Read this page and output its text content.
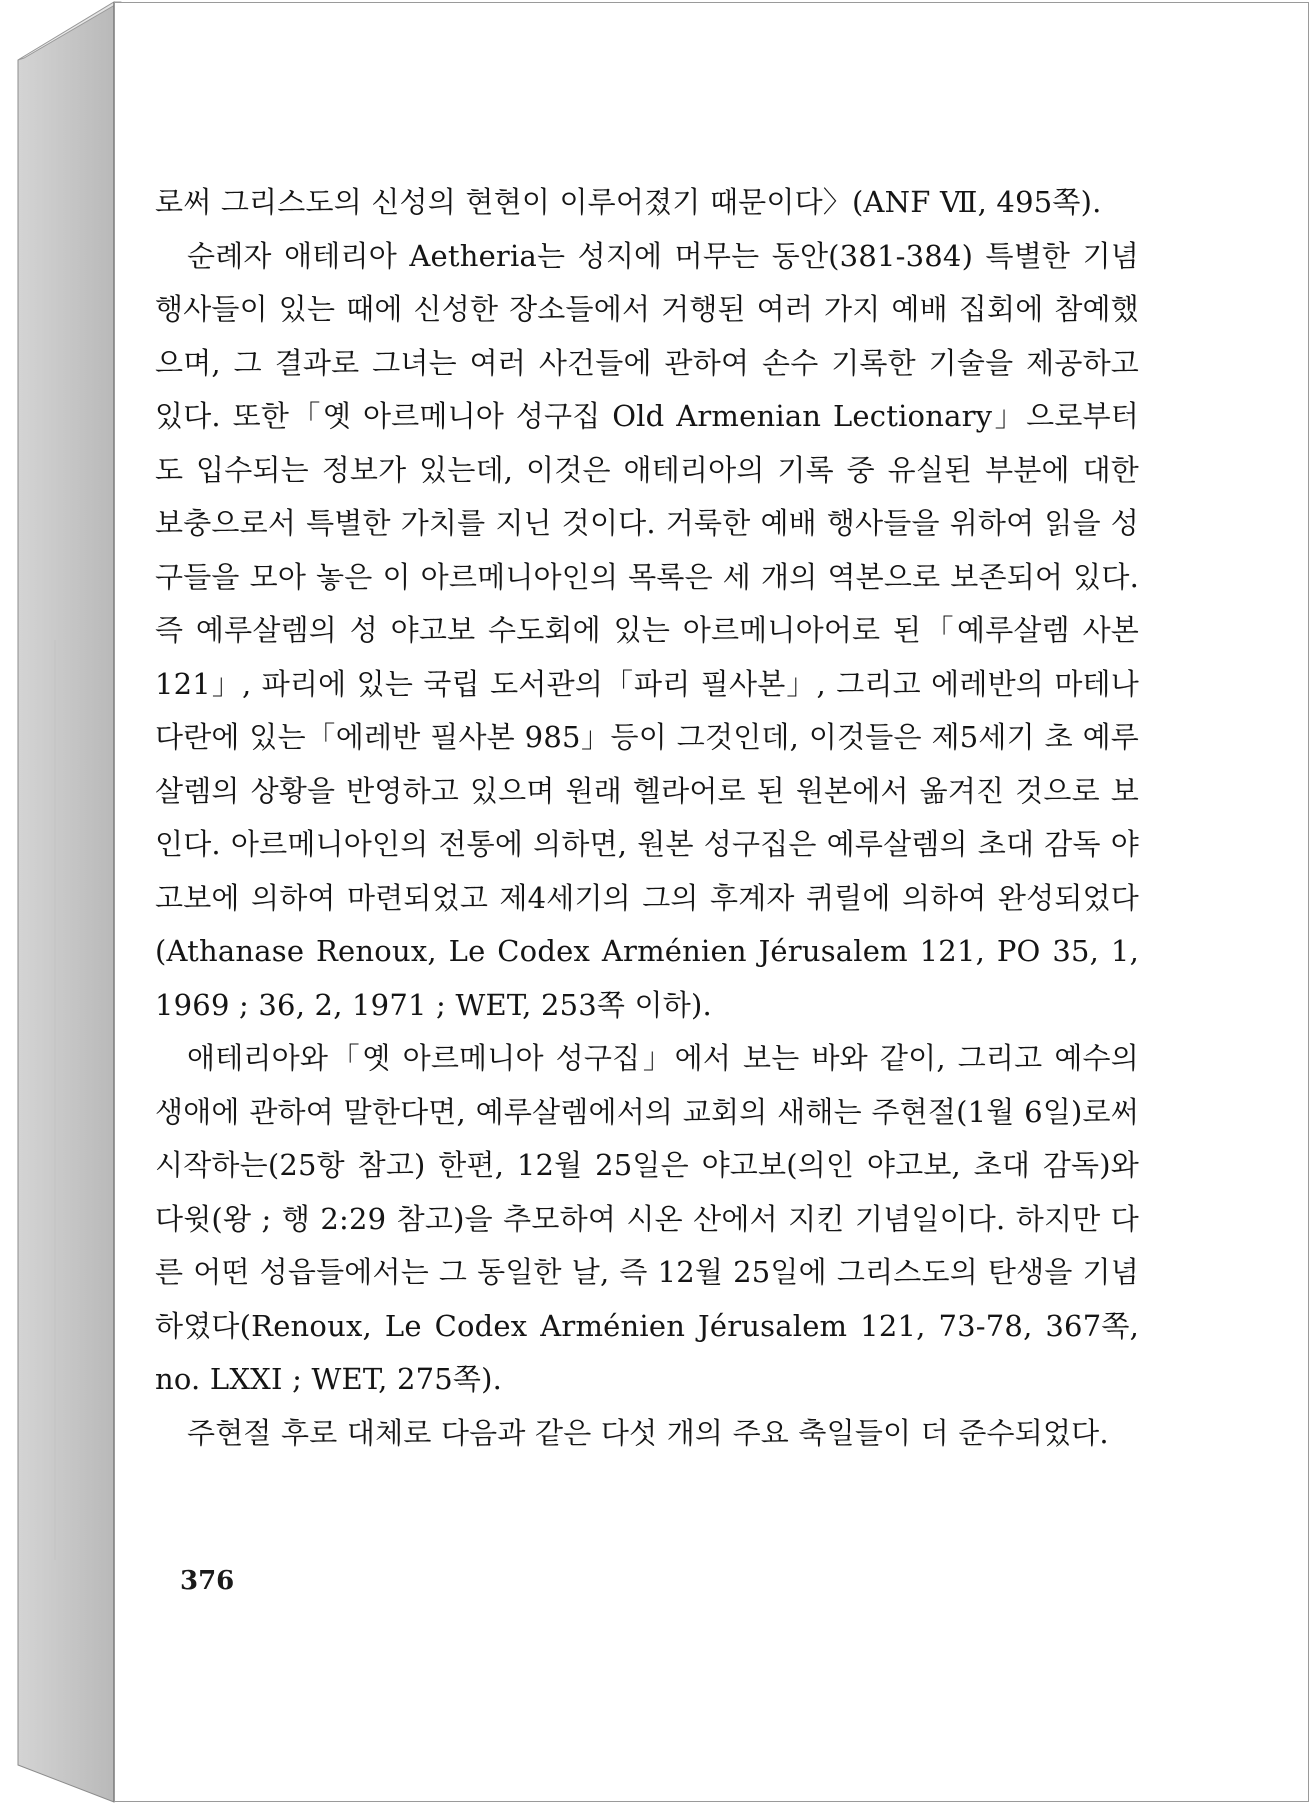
로써 그리스도의 신성의 현현이 이루어졌기 때문이다〉(ANF Ⅶ, 495쪽).

순례자 애테리아 Aetheria는 성지에 머무는 동안(381-384) 특별한 기념 행사들이 있는 때에 신성한 장소들에서 거행된 여러 가지 예배 집회에 참예했으며, 그 결과로 그녀는 여러 사건들에 관하여 손수 기록한 기술을 제공하고 있다. 또한「옛 아르메니아 성구집 Old Armenian Lectionary」으로부터도 입수되는 정보가 있는데, 이것은 애테리아의 기록 중 유실된 부분에 대한 보충으로서 특별한 가치를 지닌 것이다. 거룩한 예배 행사들을 위하여 읽을 성구들을 모아 놓은 이 아르메니아인의 목록은 세 개의 역본으로 보존되어 있다. 즉 예루살렘의 성 야고보 수도회에 있는 아르메니아어로 된「예루살렘 사본 121」, 파리에 있는 국립 도서관의「파리 필사본」, 그리고 에레반의 마테나다란에 있는「에레반 필사본 985」등이 그것인데, 이것들은 제5세기 초 예루살렘의 상황을 반영하고 있으며 원래 헬라어로 된 원본에서 옮겨진 것으로 보인다. 아르메니아인의 전통에 의하면, 원본 성구집은 예루살렘의 초대 감독 야고보에 의하여 마련되었고 제4세기의 그의 후계자 퀴릴에 의하여 완성되었다 (Athanase Renoux, Le Codex Arménien Jérusalem 121, PO 35, 1, 1969 ; 36, 2, 1971 ; WET, 253쪽 이하).

애테리아와「옛 아르메니아 성구집」에서 보는 바와 같이, 그리고 예수의 생애에 관하여 말한다면, 예루살렘에서의 교회의 새해는 주현절(1월 6일)로써 시작하는(25항 참고) 한편, 12월 25일은 야고보(의인 야고보, 초대 감독)와 다윗(왕 ; 행 2:29 참고)을 추모하여 시온 산에서 지킨 기념일이다. 하지만 다른 어떤 성읍들에서는 그 동일한 날, 즉 12월 25일에 그리스도의 탄생을 기념하였다(Renoux, Le Codex Arménien Jérusalem 121, 73-78, 367쪽, no. LXXI ; WET, 275쪽).

주현절 후로 대체로 다음과 같은 다섯 개의 주요 축일들이 더 준수되었다.

376
